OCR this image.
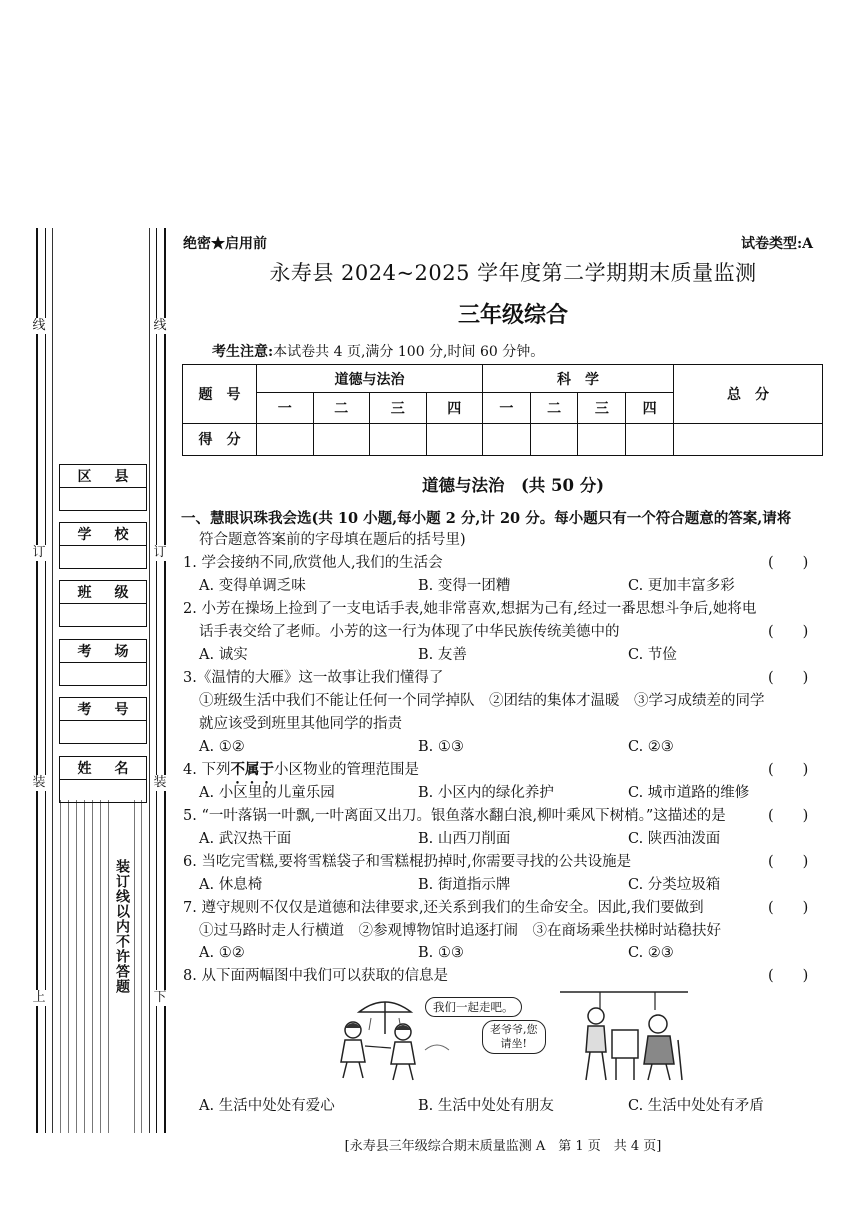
线
订
装
上
线
订
装
下
区 县
学 校
班 级
考 场
考 号
姓 名
装订线以内不许答题
绝密★启用前	试卷类型:A
永寿县 2024~2025 学年度第二学期期末质量监测
三年级综合
考生注意:本试卷共 4 页,满分 100 分,时间 60 分钟。
题　号	道德与法治				科　学				总　分
	一	二	三	四	一	二	三	四	
得　分									
道德与法治　(共 50 分)
一、慧眼识珠我会选(共 10 小题,每小题 2 分,计 20 分。每小题只有一个符合题意的答案,请将
符合题意答案前的字母填在题后的括号里)
1. 学会接纳不同,欣赏他人,我们的生活会	(　　)
A. 变得单调乏味	B. 变得一团糟	C. 更加丰富多彩
2. 小芳在操场上捡到了一支电话手表,她非常喜欢,想据为己有,经过一番思想斗争后,她将电
话手表交给了老师。小芳的这一行为体现了中华民族传统美德中的	(　　)
A. 诚实	B. 友善	C. 节俭
3.《温情的大雁》这一故事让我们懂得了	(　　)
①班级生活中我们不能让任何一个同学掉队　②团结的集体才温暖　③学习成绩差的同学
就应该受到班里其他同学的指责
A. ①②	B. ①③	C. ②③
4. 下列不属于小区物业的管理范围是	(　　)
A. 小区里的儿童乐园	B. 小区内的绿化养护	C. 城市道路的维修
5. “一叶落锅一叶飘,一叶离面又出刀。银鱼落水翻白浪,柳叶乘风下树梢。”这描述的是	(　　)
A. 武汉热干面	B. 山西刀削面	C. 陕西油泼面
6. 当吃完雪糕,要将雪糕袋子和雪糕棍扔掉时,你需要寻找的公共设施是	(　　)
A. 休息椅	B. 街道指示牌	C. 分类垃圾箱
7. 遵守规则不仅仅是道德和法律要求,还关系到我们的生命安全。因此,我们要做到	(　　)
①过马路时走人行横道　②参观博物馆时追逐打闹　③在商场乘坐扶梯时站稳扶好
A. ①②	B. ①③	C. ②③
8. 从下面两幅图中我们可以获取的信息是	(　　)
我们一起走吧。
老爷爷,您
请坐!
A. 生活中处处有爱心	B. 生活中处处有朋友	C. 生活中处处有矛盾
[永寿县三年级综合期末质量监测 A　第 1 页　共 4 页]
